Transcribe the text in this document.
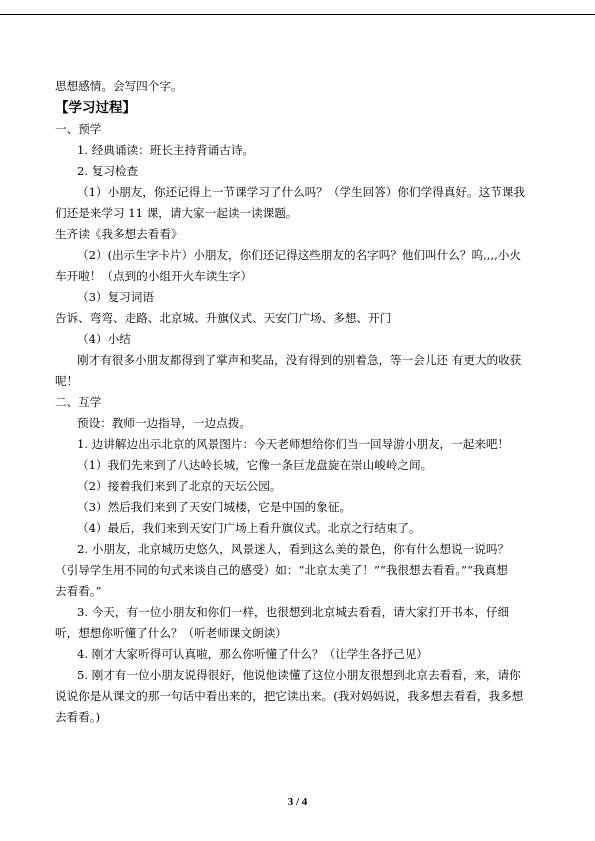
思想感情。会写四个字。

【学习过程】

一、预学

1. 经典诵读：班长主持背诵古诗。

2. 复习检查

（1）小朋友，你还记得上一节课学习了什么吗？（学生回答）你们学得真好。这节课我

们还是来学习 11 课，请大家一起读一读课题。

生齐读《我多想去看看》

（2）(出示生字卡片）小朋友，你们还记得这些朋友的名字吗？他们叫什么？呜,,,,小火

车开啦！（点到的小组开火车读生字）

（3）复习词语

告诉、弯弯、走路、北京城、升旗仪式、天安门广场、多想、开门

（4）小结

刚才有很多小朋友都得到了掌声和奖品，没有得到的别着急，等一会儿还 有更大的收获

呢！

二、互学

预设：教师一边指导，一边点拨。

1. 边讲解边出示北京的风景图片：今天老师想给你们当一回导游小朋友，一起来吧！

（1）我们先来到了八达岭长城，它像一条巨龙盘旋在崇山峻岭之间。

（2）接着我们来到了北京的天坛公园。

（3）然后我们来到了天安门城楼，它是中国的象征。

（4）最后，我们来到天安门广场上看升旗仪式。北京之行结束了。

2. 小朋友，北京城历史悠久，风景迷人，看到这么美的景色，你有什么想说一说吗？

（引导学生用不同的句式来谈自己的感受）如：“北京太美了！”“我很想去看看。”“我真想

去看看。”

3. 今天，有一位小朋友和你们一样，也很想到北京城去看看，请大家打开书本，仔细

听，想想你听懂了什么？（听老师课文朗读）

4. 刚才大家听得可认真啦，那么你听懂了什么？（让学生各抒己见）

5. 刚才有一位小朋友说得很好，他说他读懂了这位小朋友很想到北京去看看，来，请你

说说你是从课文的那一句话中看出来的，把它读出来。(我对妈妈说，我多想去看看，我多想

去看看。)

3 / 4
